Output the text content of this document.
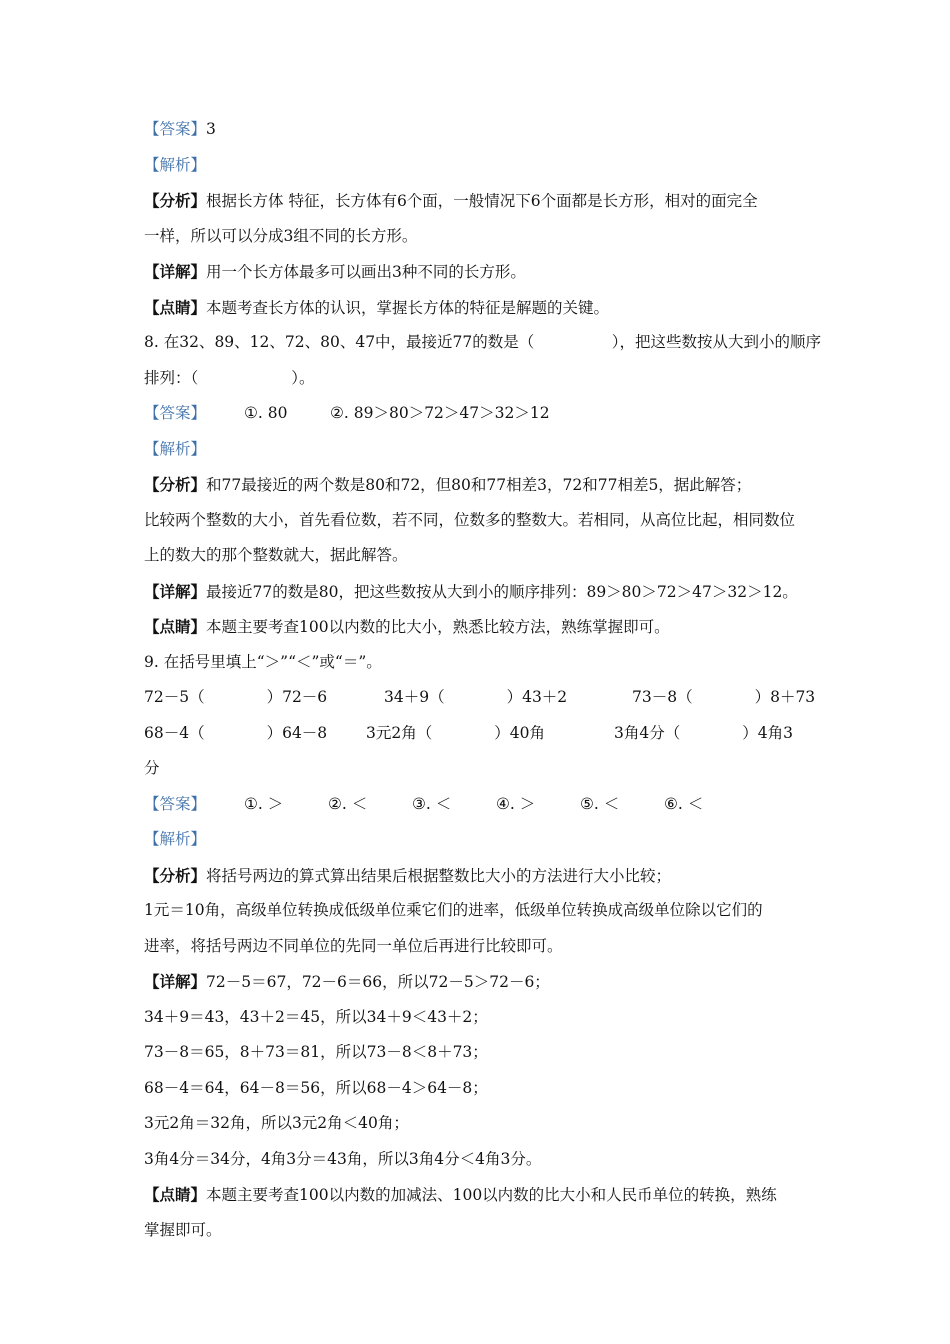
【答案】3
【解析】
【分析】根据长方体 特征，长方体有6个面，一般情况下6个面都是长方形，相对的面完全
一样，所以可以分成3组不同的长方形。
【详解】用一个长方体最多可以画出3种不同的长方形。
【点睛】本题考查长方体的认识，掌握长方体的特征是解题的关键。
8. 在32、89、12、72、80、47中，最接近77的数是（　　　　　），把这些数按从大到小的顺序
排列：（　　　　　　）。
【答案】 ①. 80	②. 89＞80＞72＞47＞32＞12
【解析】
【分析】和77最接近的两个数是80和72，但80和77相差3，72和77相差5，据此解答；
比较两个整数的大小，首先看位数，若不同，位数多的整数大。若相同，从高位比起，相同数位
上的数大的那个整数就大，据此解答。
【详解】最接近77的数是80，把这些数按从大到小的顺序排列：89＞80＞72＞47＞32＞12。
【点睛】本题主要考查100以内数的比大小，熟悉比较方法，熟练掌握即可。
9. 在括号里填上“＞”“＜”或“＝”。
72－5（　　　　）72－6	34＋9（　　　　）43＋2	73－8（　　　　）8＋73
68－4（　　　　）64－8	3元2角（　　　　）40角	3角4分（　　　　）4角3
分
【答案】 ①. ＞	②. ＜	③. ＜	④. ＞	⑤. ＜	⑥. ＜
【解析】
【分析】将括号两边的算式算出结果后根据整数比大小的方法进行大小比较；
1元＝10角，高级单位转换成低级单位乘它们的进率，低级单位转换成高级单位除以它们的
进率，将括号两边不同单位的先同一单位后再进行比较即可。
【详解】72－5＝67，72－6＝66，所以72－5＞72－6；
34＋9＝43，43＋2＝45，所以34＋9＜43＋2；
73－8＝65，8＋73＝81，所以73－8＜8＋73；
68－4＝64，64－8＝56，所以68－4＞64－8；
3元2角＝32角，所以3元2角＜40角；
3角4分＝34分，4角3分＝43角，所以3角4分＜4角3分。
【点睛】本题主要考查100以内数的加减法、100以内数的比大小和人民币单位的转换，熟练
掌握即可。
